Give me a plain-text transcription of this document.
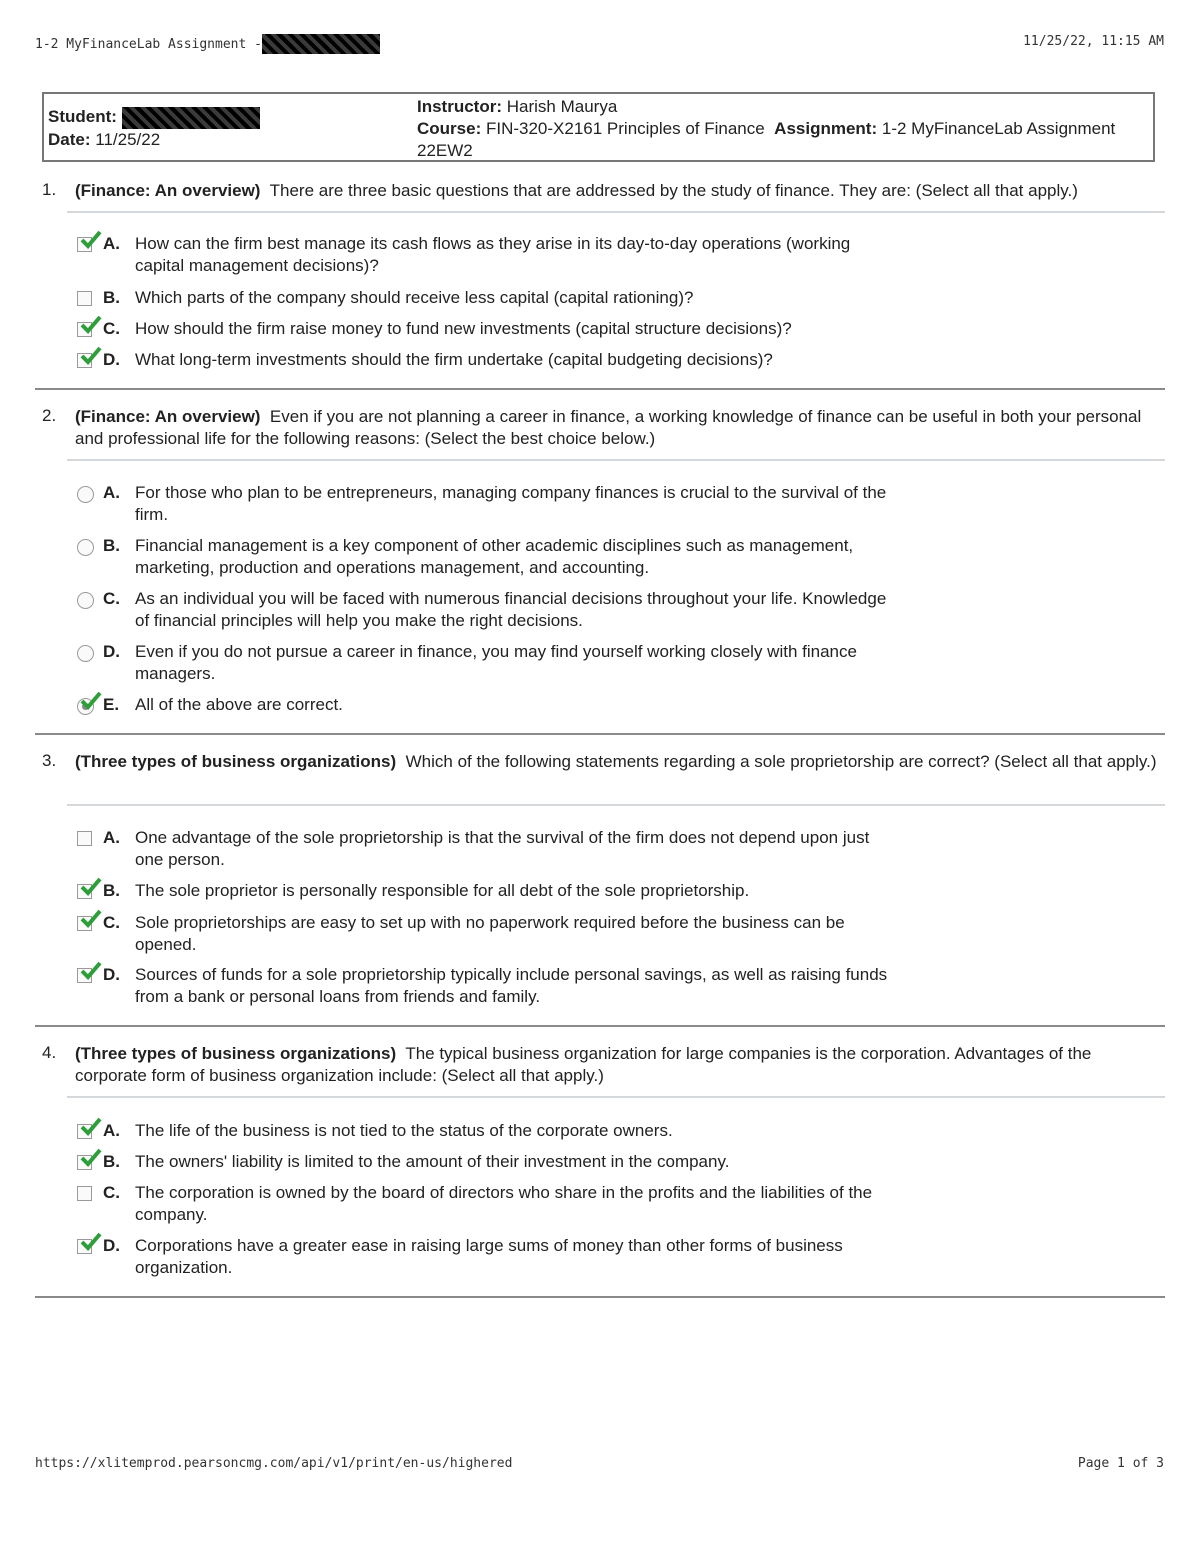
1-2 MyFinanceLab Assignment -	11/25/22, 11:15 AM
Student:
Date: 11/25/22
Instructor: Harish Maurya
Course: FIN-320-X2161 Principles of Finance Assignment: 1-2 MyFinanceLab Assignment 22EW2
1. (Finance: An overview) There are three basic questions that are addressed by the study of finance. They are: (Select all that apply.)
A. How can the firm best manage its cash flows as they arise in its day-to-day operations (working capital management decisions)?
B. Which parts of the company should receive less capital (capital rationing)?
C. How should the firm raise money to fund new investments (capital structure decisions)?
D. What long-term investments should the firm undertake (capital budgeting decisions)?
2. (Finance: An overview) Even if you are not planning a career in finance, a working knowledge of finance can be useful in both your personal and professional life for the following reasons: (Select the best choice below.)
A. For those who plan to be entrepreneurs, managing company finances is crucial to the survival of the firm.
B. Financial management is a key component of other academic disciplines such as management, marketing, production and operations management, and accounting.
C. As an individual you will be faced with numerous financial decisions throughout your life. Knowledge of financial principles will help you make the right decisions.
D. Even if you do not pursue a career in finance, you may find yourself working closely with finance managers.
E. All of the above are correct.
3. (Three types of business organizations) Which of the following statements regarding a sole proprietorship are correct? (Select all that apply.)
A. One advantage of the sole proprietorship is that the survival of the firm does not depend upon just one person.
B. The sole proprietor is personally responsible for all debt of the sole proprietorship.
C. Sole proprietorships are easy to set up with no paperwork required before the business can be opened.
D. Sources of funds for a sole proprietorship typically include personal savings, as well as raising funds from a bank or personal loans from friends and family.
4. (Three types of business organizations) The typical business organization for large companies is the corporation. Advantages of the corporate form of business organization include: (Select all that apply.)
A. The life of the business is not tied to the status of the corporate owners.
B. The owners' liability is limited to the amount of their investment in the company.
C. The corporation is owned by the board of directors who share in the profits and the liabilities of the company.
D. Corporations have a greater ease in raising large sums of money than other forms of business organization.
https://xlitemprod.pearsoncmg.com/api/v1/print/en-us/highered	Page 1 of 3
